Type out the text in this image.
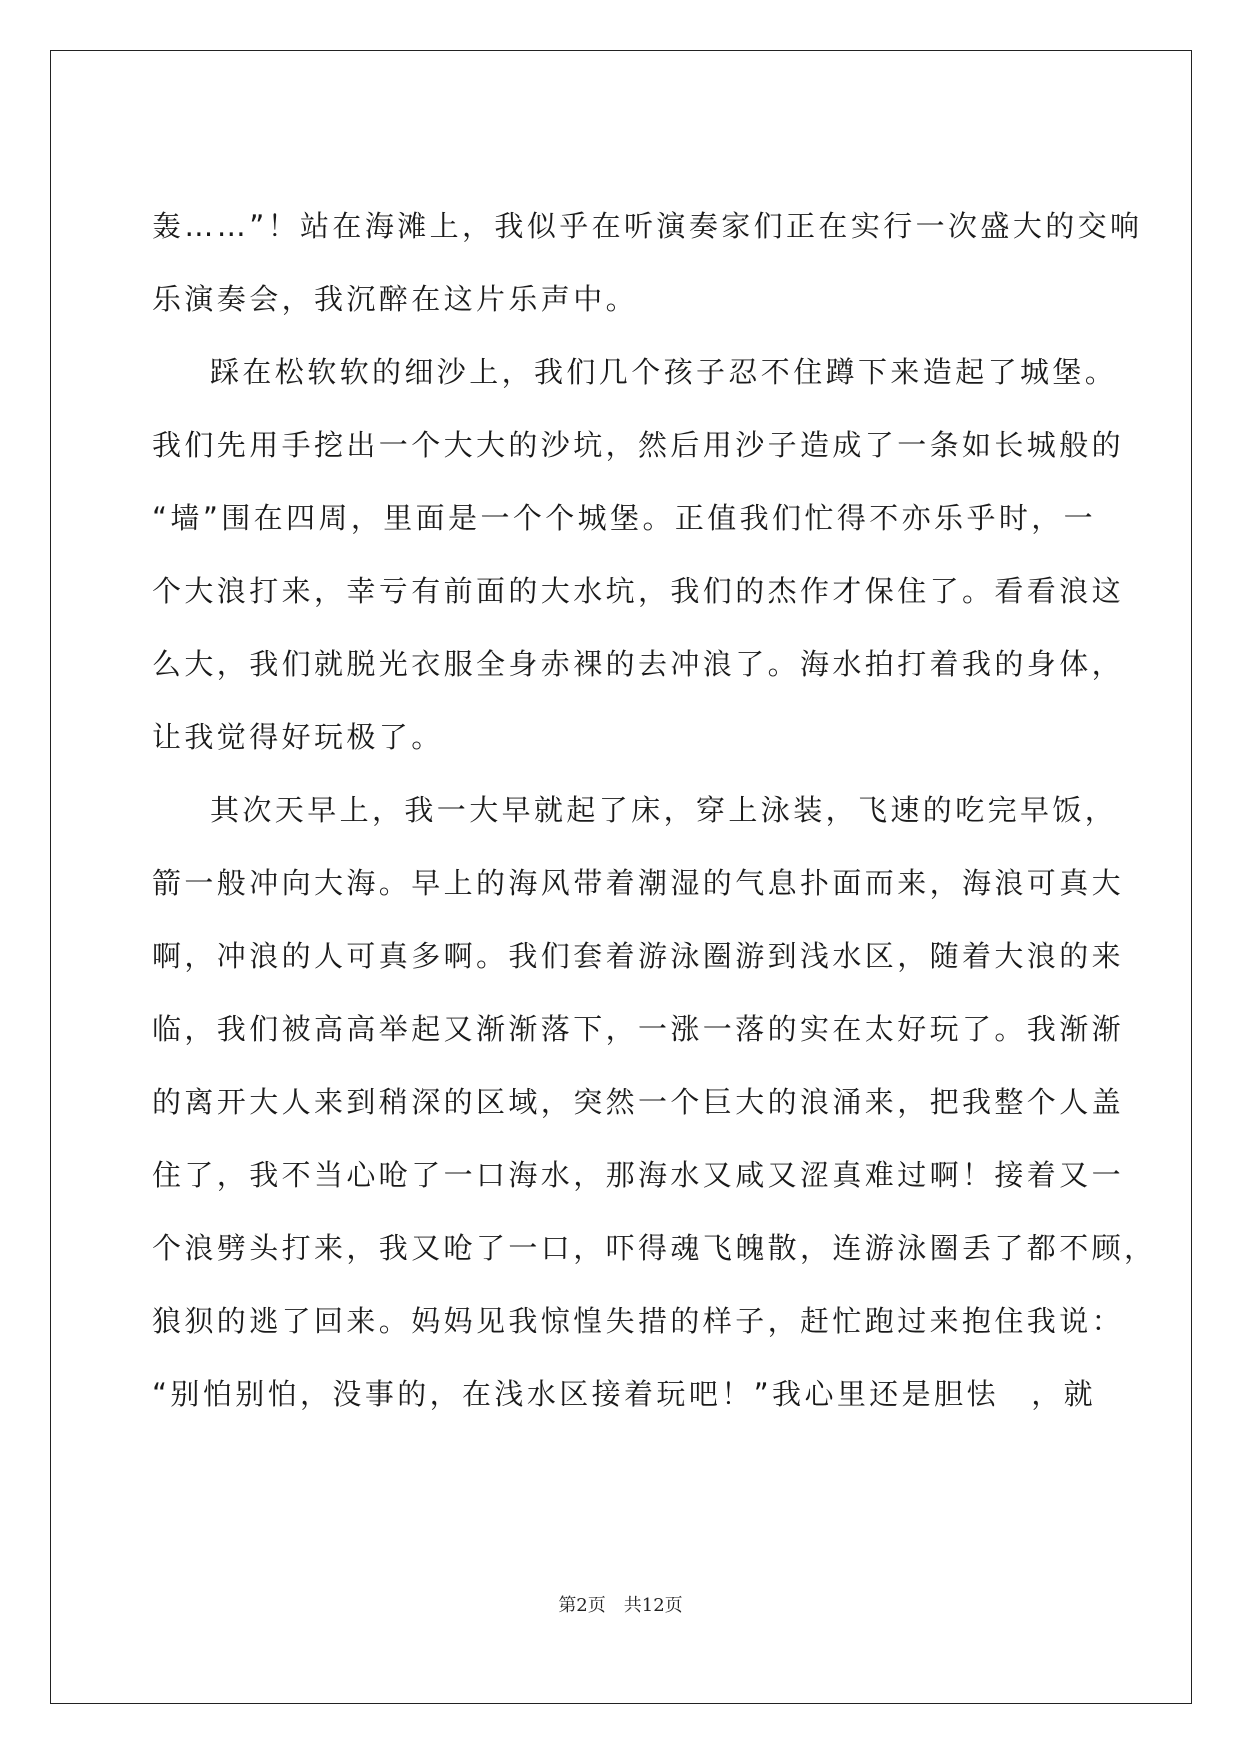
轰……”！站在海滩上，我似乎在听演奏家们正在实行一次盛大的交响
乐演奏会，我沉醉在这片乐声中。
踩在松软软的细沙上，我们几个孩子忍不住蹲下来造起了城堡。
我们先用手挖出一个大大的沙坑，然后用沙子造成了一条如长城般的
“墙”围在四周，里面是一个个城堡。正值我们忙得不亦乐乎时，一
个大浪打来，幸亏有前面的大水坑，我们的杰作才保住了。看看浪这
么大，我们就脱光衣服全身赤裸的去冲浪了。海水拍打着我的身体，
让我觉得好玩极了。
其次天早上，我一大早就起了床，穿上泳装，飞速的吃完早饭，
箭一般冲向大海。早上的海风带着潮湿的气息扑面而来，海浪可真大
啊，冲浪的人可真多啊。我们套着游泳圈游到浅水区，随着大浪的来
临，我们被高高举起又渐渐落下，一涨一落的实在太好玩了。我渐渐
的离开大人来到稍深的区域，突然一个巨大的浪涌来，把我整个人盖
住了，我不当心呛了一口海水，那海水又咸又涩真难过啊！接着又一
个浪劈头打来，我又呛了一口，吓得魂飞魄散，连游泳圈丢了都不顾，
狼狈的逃了回来。妈妈见我惊惶失措的样子，赶忙跑过来抱住我说：
“别怕别怕，没事的，在浅水区接着玩吧！”我心里还是胆怯　，就
第2页　共12页
